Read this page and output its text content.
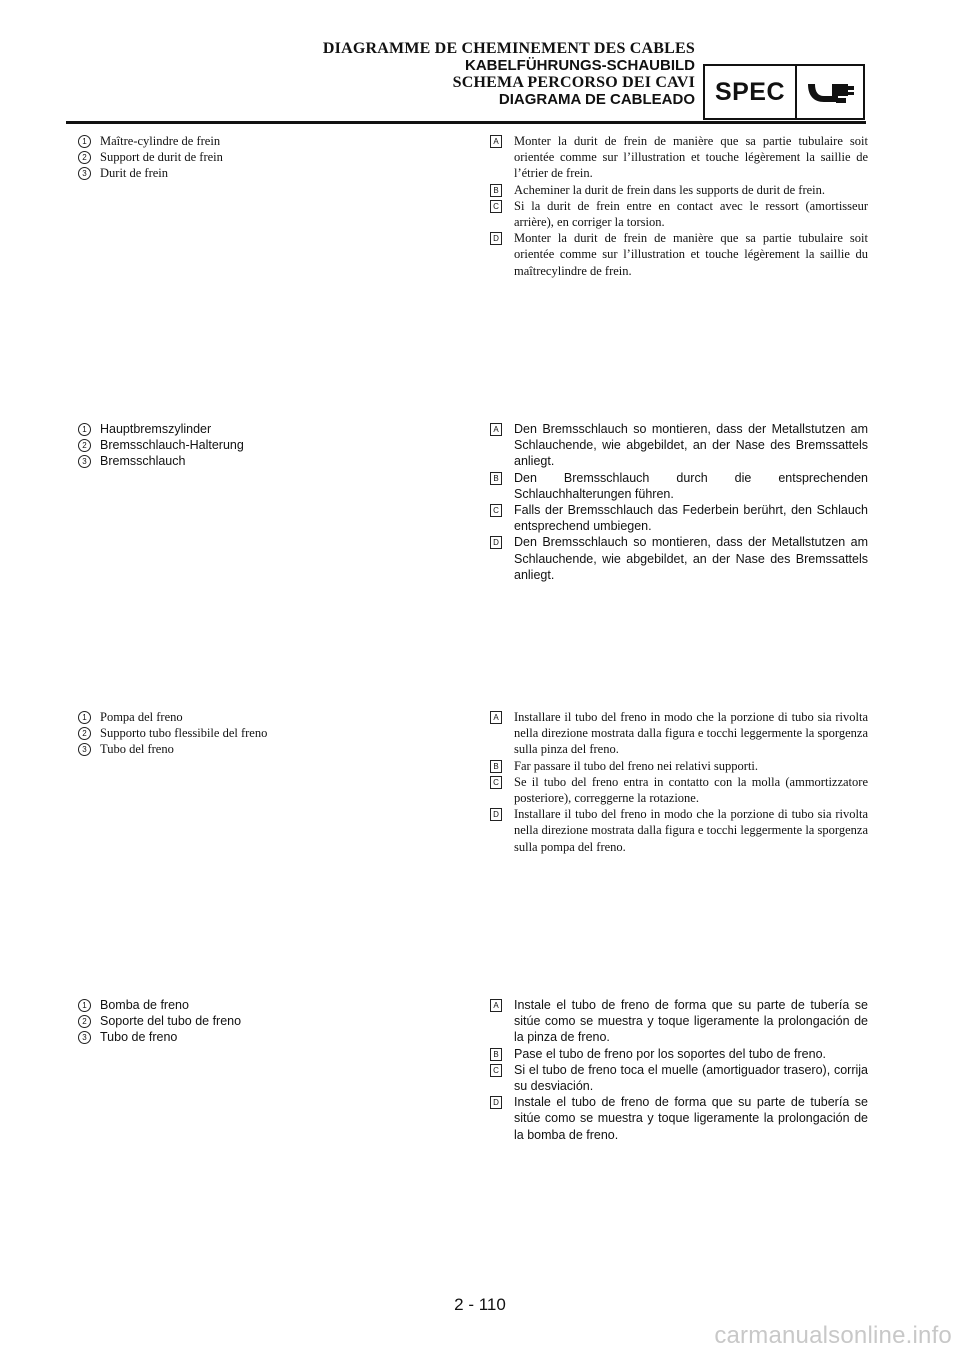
DIAGRAMME DE CHEMINEMENT DES CABLES
KABELFÜHRUNGS-SCHAUBILD
SCHEMA PERCORSO DEI CAVI
DIAGRAMA DE CABLEADO SPEC
1	Maître-cylindre de frein
2	Support de durit de frein
3	Durit de frein
A Monter la durit de frein de manière que sa partie tubulaire soit orientée comme sur l’illustration et touche légèrement la saillie de l’étrier de frein.
B Acheminer la durit de frein dans les supports de durit de frein.
C Si la durit de frein entre en contact avec le ressort (amortisseur arrière), en corriger la torsion.
D Monter la durit de frein de manière que sa partie tubulaire soit orientée comme sur l’illustration et touche légèrement la saillie du maîtrecylindre de frein.
1	Hauptbremszylinder
2	Bremsschlauch-Halterung
3	Bremsschlauch
A Den Bremsschlauch so montieren, dass der Metallstutzen am Schlauchende, wie abgebildet, an der Nase des Bremssattels anliegt.
B Den Bremsschlauch durch die entsprechenden Schlauchhalterungen führen.
C Falls der Bremsschlauch das Federbein berührt, den Schlauch entsprechend umbiegen.
D Den Bremsschlauch so montieren, dass der Metallstutzen am Schlauchende, wie abgebildet, an der Nase des Bremssattels anliegt.
1	Pompa del freno
2	Supporto tubo flessibile del freno
3	Tubo del freno
A Installare il tubo del freno in modo che la porzione di tubo sia rivolta nella direzione mostrata dalla figura e tocchi leggermente la sporgenza sulla pinza del freno.
B Far passare il tubo del freno nei relativi supporti.
C Se il tubo del freno entra in contatto con la molla (ammortizzatore posteriore), correggerne la rotazione.
D Installare il tubo del freno in modo che la porzione di tubo sia rivolta nella direzione mostrata dalla figura e tocchi leggermente la sporgenza sulla pompa del freno.
1	Bomba de freno
2	Soporte del tubo de freno
3	Tubo de freno
A Instale el tubo de freno de forma que su parte de tubería se sitúe como se muestra y toque ligeramente la prolongación de la pinza de freno.
B Pase el tubo de freno por los soportes del tubo de freno.
C Si el tubo de freno toca el muelle (amortiguador trasero), corrija su desviación.
D Instale el tubo de freno de forma que su parte de tubería se sitúe como se muestra y toque ligeramente la prolongación de la bomba de freno.
2 - 110
carmanualsonline.info
